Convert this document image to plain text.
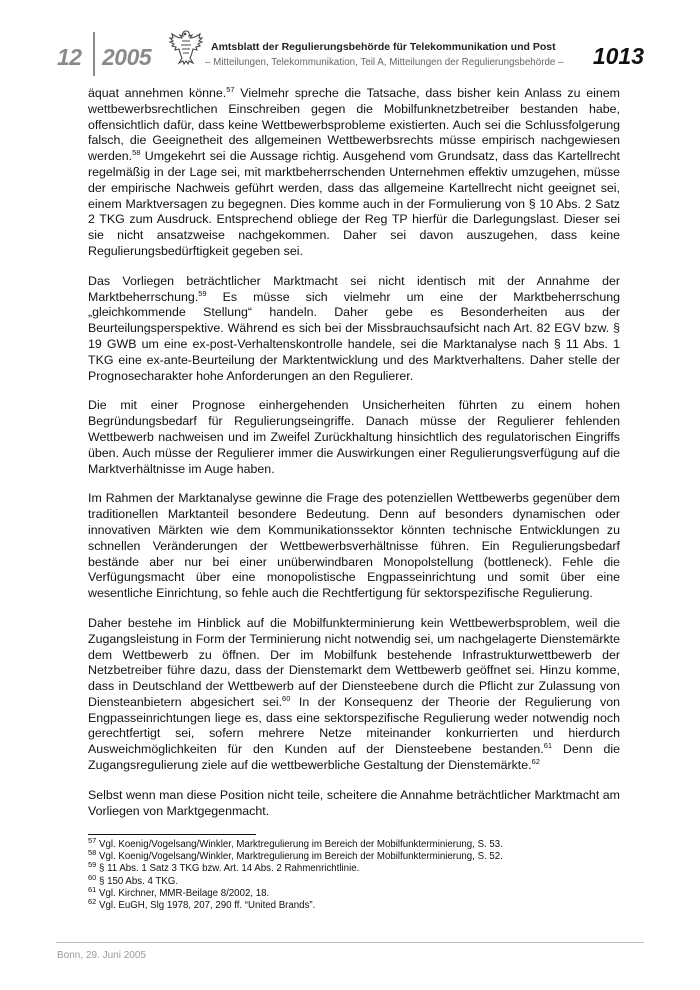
12 2005	Amtsblatt der Regulierungsbehörde für Telekommunikation und Post
– Mitteilungen, Telekommunikation, Teil A, Mitteilungen der Regulierungsbehörde – 1013

äquat annehmen könne.$^{57}$ Vielmehr spreche die Tatsache, dass bisher kein Anlass zu einem wettbewerbsrechtlichen Einschreiben gegen die Mobilfunknetzbetreiber bestanden habe, offensichtlich dafür, dass keine Wettbewerbsprobleme existierten. Auch sei die Schlussfolgerung falsch, die Geeignetheit des allgemeinen Wettbewerbsrechts müsse empirisch nachgewiesen werden.$^{58}$ Umgekehrt sei die Aussage richtig. Ausgehend vom Grundsatz, dass das Kartellrecht regelmäßig in der Lage sei, mit marktbeherrschenden Unternehmen effektiv umzugehen, müsse der empirische Nachweis geführt werden, dass das allgemeine Kartellrecht nicht geeignet sei, einem Marktversagen zu begegnen. Dies komme auch in der Formulierung von § 10 Abs. 2 Satz 2 TKG zum Ausdruck. Entsprechend obliege der Reg TP hierfür die Darlegungslast. Dieser sei sie nicht ansatzweise nachgekommen. Daher sei davon auszugehen, dass keine Regulierungsbedürftigkeit gegeben sei.

Das Vorliegen beträchtlicher Marktmacht sei nicht identisch mit der Annahme der Marktbeherrschung.$^{59}$ Es müsse sich vielmehr um eine der Marktbeherrschung „gleichkommende Stellung“ handeln. Daher gebe es Besonderheiten aus der Beurteilungsperspektive. Während es sich bei der Missbrauchsaufsicht nach Art. 82 EGV bzw. § 19 GWB um eine ex-post-Verhaltenskontrolle handele, sei die Marktanalyse nach § 11 Abs. 1 TKG eine ex-ante-Beurteilung der Marktentwicklung und des Marktverhaltens. Daher stelle der Prognosecharakter hohe Anforderungen an den Regulierer.

Die mit einer Prognose einhergehenden Unsicherheiten führten zu einem hohen Begründungsbedarf für Regulierungseingriffe. Danach müsse der Regulierer fehlenden Wettbewerb nachweisen und im Zweifel Zurückhaltung hinsichtlich des regulatorischen Eingriffs üben. Auch müsse der Regulierer immer die Auswirkungen einer Regulierungsverfügung auf die Marktverhältnisse im Auge haben.

Im Rahmen der Marktanalyse gewinne die Frage des potenziellen Wettbewerbs gegenüber dem traditionellen Marktanteil besondere Bedeutung. Denn auf besonders dynamischen oder innovativen Märkten wie dem Kommunikationssektor könnten technische Entwicklungen zu schnellen Veränderungen der Wettbewerbsverhältnisse führen. Ein Regulierungsbedarf bestände aber nur bei einer unüberwindbaren Monopolstellung (bottleneck). Fehle die Verfügungsmacht über eine monopolistische Engpasseinrichtung und somit über eine wesentliche Einrichtung, so fehle auch die Rechtfertigung für sektorspezifische Regulierung.

Daher bestehe im Hinblick auf die Mobilfunkterminierung kein Wettbewerbsproblem, weil die Zugangsleistung in Form der Terminierung nicht notwendig sei, um nachgelagerte Dienstemärkte dem Wettbewerb zu öffnen. Der im Mobilfunk bestehende Infrastrukturwettbewerb der Netzbetreiber führe dazu, dass der Dienstemarkt dem Wettbewerb geöffnet sei. Hinzu komme, dass in Deutschland der Wettbewerb auf der Diensteebene durch die Pflicht zur Zulassung von Diensteanbietern abgesichert sei.$^{60}$ In der Konsequenz der Theorie der Regulierung von Engpasseinrichtungen liege es, dass eine sektorspezifische Regulierung weder notwendig noch gerechtfertigt sei, sofern mehrere Netze miteinander konkurrierten und hierdurch Ausweichmöglichkeiten für den Kunden auf der Diensteebene bestanden.$^{61}$ Denn die Zugangsregulierung ziele auf die wettbewerbliche Gestaltung der Dienstemärkte.$^{62}$

Selbst wenn man diese Position nicht teile, scheitere die Annahme beträchtlicher Marktmacht am Vorliegen von Marktgegenmacht.

$^{57}$ Vgl. Koenig/Vogelsang/Winkler, Marktregulierung im Bereich der Mobilfunkterminierung, S. 53.

$^{58}$ Vgl. Koenig/Vogelsang/Winkler, Marktregulierung im Bereich der Mobilfunkterminierung, S. 52.

$^{59}$ § 11 Abs. 1 Satz 3 TKG bzw. Art. 14 Abs. 2 Rahmenrichtlinie.

$^{60}$ § 150 Abs. 4 TKG.

$^{61}$ Vgl. Kirchner, MMR-Beilage 8/2002, 18.

$^{62}$ Vgl. EuGH, Slg 1978, 207, 290 ff. “United Brands”.

Bonn, 29. Juni 2005
